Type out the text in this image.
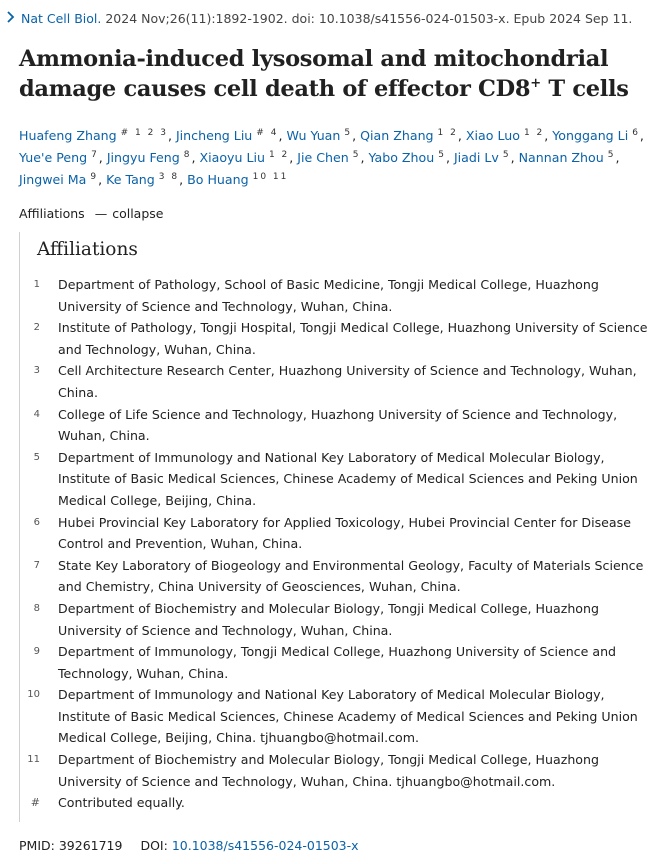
Nat Cell Biol. 2024 Nov;26(11):1892-1902. doi: 10.1038/s41556-024-01503-x. Epub 2024 Sep 11.
Ammonia-induced lysosomal and mitochondrial damage causes cell death of effector CD8+ T cells
Huafeng Zhang $^{\# 1 2 3}$, Jincheng Liu $^{\# 4}$, Wu Yuan $^5$, Qian Zhang $^{1 2}$, Xiao Luo $^{1 2}$, Yonggang Li $^6$, Yue'e Peng $^7$, Jingyu Feng $^8$, Xiaoyu Liu $^{1 2}$, Jie Chen $^5$, Yabo Zhou $^5$, Jiadi Lv $^5$, Nannan Zhou $^5$, Jingwei Ma $^9$, Ke Tang $^{3 8}$, Bo Huang $^{10 11}$
Affiliations — collapse
Affiliations
1	Department of Pathology, School of Basic Medicine, Tongji Medical College, Huazhong University of Science and Technology, Wuhan, China.
2	Institute of Pathology, Tongji Hospital, Tongji Medical College, Huazhong University of Science and Technology, Wuhan, China.
3	Cell Architecture Research Center, Huazhong University of Science and Technology, Wuhan, China.
4	College of Life Science and Technology, Huazhong University of Science and Technology, Wuhan, China.
5	Department of Immunology and National Key Laboratory of Medical Molecular Biology, Institute of Basic Medical Sciences, Chinese Academy of Medical Sciences and Peking Union Medical College, Beijing, China.
6	Hubei Provincial Key Laboratory for Applied Toxicology, Hubei Provincial Center for Disease Control and Prevention, Wuhan, China.
7	State Key Laboratory of Biogeology and Environmental Geology, Faculty of Materials Science and Chemistry, China University of Geosciences, Wuhan, China.
8	Department of Biochemistry and Molecular Biology, Tongji Medical College, Huazhong University of Science and Technology, Wuhan, China.
9	Department of Immunology, Tongji Medical College, Huazhong University of Science and Technology, Wuhan, China.
10	Department of Immunology and National Key Laboratory of Medical Molecular Biology, Institute of Basic Medical Sciences, Chinese Academy of Medical Sciences and Peking Union Medical College, Beijing, China. tjhuangbo@hotmail.com.
11	Department of Biochemistry and Molecular Biology, Tongji Medical College, Huazhong University of Science and Technology, Wuhan, China. tjhuangbo@hotmail.com.
#	Contributed equally.
PMID: 39261719 DOI: 10.1038/s41556-024-01503-x
